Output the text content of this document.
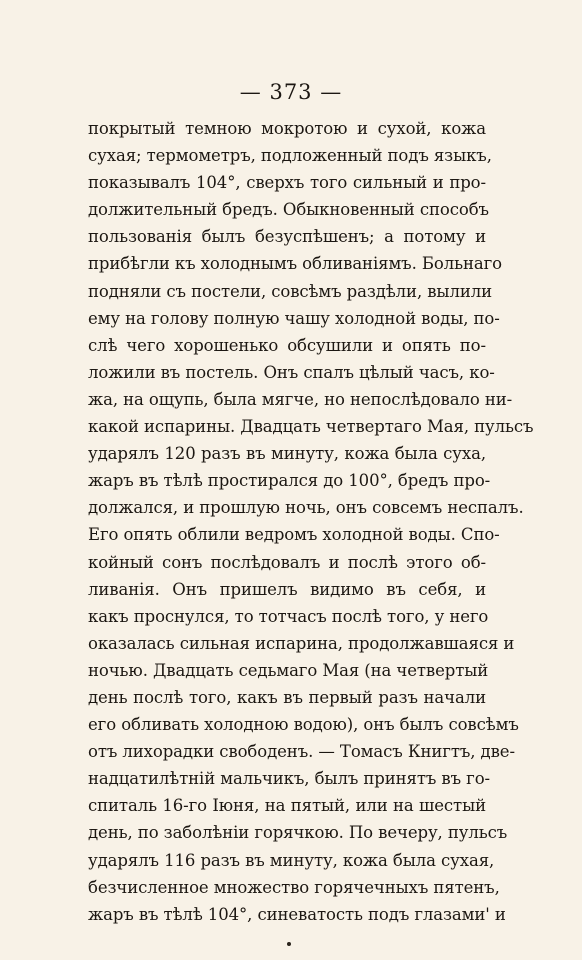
— 373 —
покрытый темною мокротою и сухой, кожа
сухая; термометръ, подложенный подъ языкъ,
показывалъ 104°, сверхъ того сильный и про-
должительный бредъ. Обыкновенный способъ
пользованія былъ безуспѣшенъ; а потому и
прибѣгли къ холоднымъ обливаніямъ. Больнаго
подняли съ постели, совсѣмъ раздѣли, вылили
ему на голову полную чашу холодной воды, по-
слѣ чего хорошенько обсушили и опять по-
ложили въ постель. Онъ спалъ цѣлый часъ, ко-
жа, на ощупь, была мягче, но непослѣдовало ни-
какой испарины. Двадцать четвертаго Мая, пульсъ
ударялъ 120 разъ въ минуту, кожа была суха,
жаръ въ тѣлѣ простирался до 100°, бредъ про-
должался, и прошлую ночь, онъ совсемъ неспалъ.
Его опять облили ведромъ холодной воды. Спо-
койный сонъ послѣдовалъ и послѣ этого об-
ливанія. Онъ пришелъ видимо въ себя, и
какъ проснулся, то тотчасъ послѣ того, у него
оказалась сильная испарина, продолжавшаяся и
ночью. Двадцать седьмаго Мая (на четвертый
день послѣ того, какъ въ первый разъ начали
его обливать холодною водою), онъ былъ совсѣмъ
отъ лихорадки свободенъ. — Томасъ Книгтъ, две-
надцатилѣтній мальчикъ, былъ принятъ въ го-
спиталь 16-го Іюня, на пятый, или на шестый
день, по заболѣніи горячкою. По вечеру, пульсъ
ударялъ 116 разъ въ минуту, кожа была сухая,
безчисленное множество горячечныхъ пятенъ,
жаръ въ тѣлѣ 104°, синеватость подъ глазами' и
